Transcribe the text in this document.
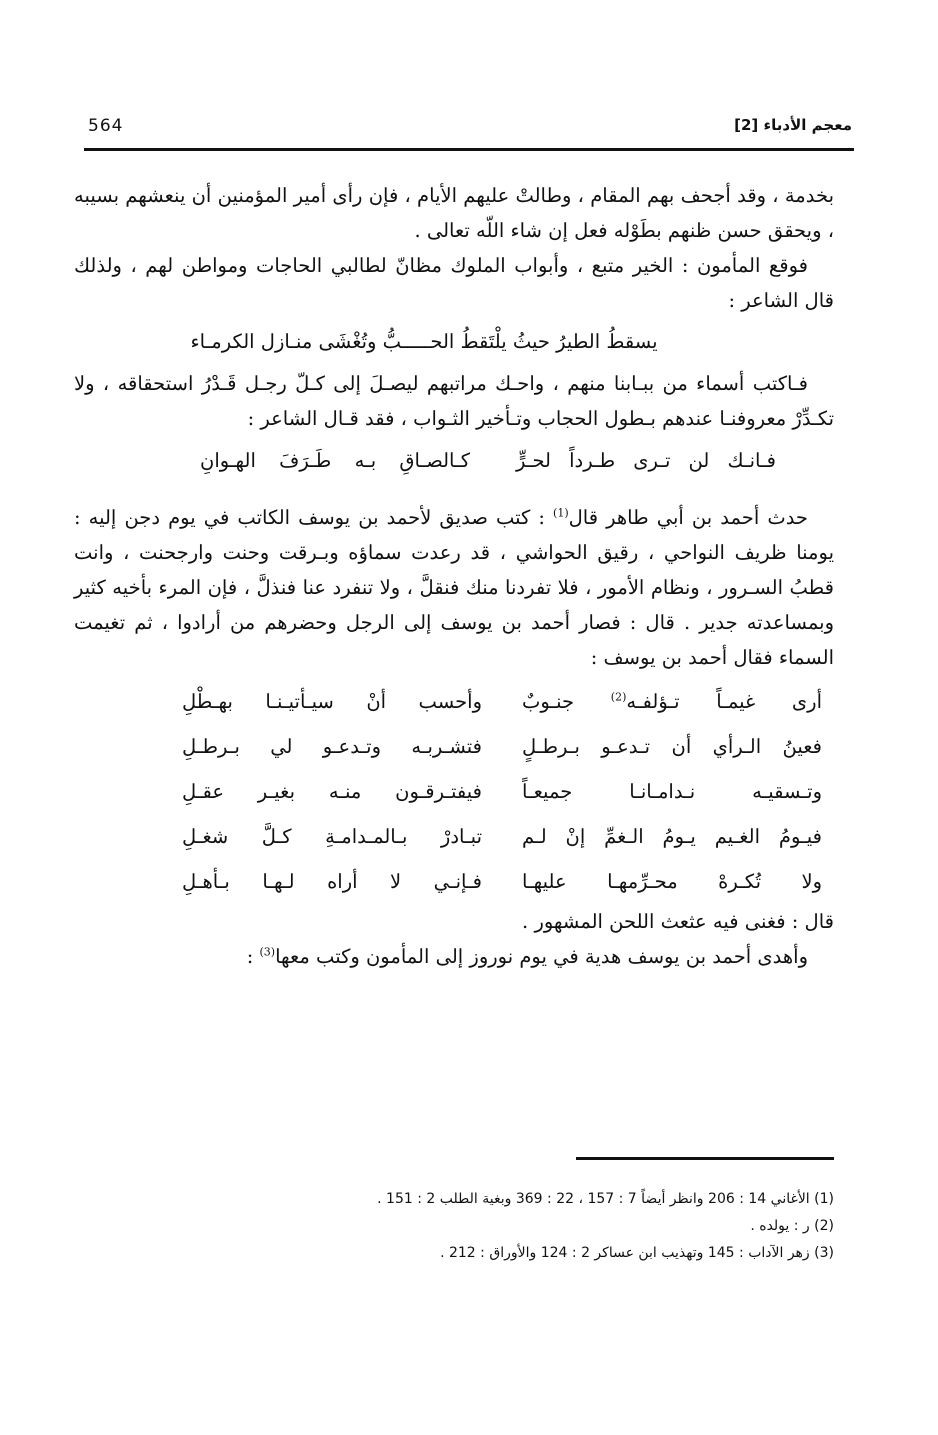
564	معجم الأدباء [2]

بخدمة ، وقد أجحف بهم المقام ، وطالتْ عليهم الأيام ، فإن رأى أمير المؤمنين أن ينعشهم بسيبه ، ويحقق حسن ظنهم بطَوْله فعل إن شاء اللّه تعالى .

فوقع المأمون : الخير متبع ، وأبواب الملوك مظانّ لطالبي الحاجات ومواطن لهم ، ولذلك قال الشاعر :

يسقطُ الطيرُ حيثُ يلْتَقطُ الحـــــبُّ وتُغْشَى منـازل الكرمـاء

فـاكتب أسماء من ببـابنا منهم ، واحـك مراتبهم ليصـلَ إلى كـلّ رجـل قَـدْرُ استحقاقه ، ولا تكـدِّرْ معروفنـا عندهم بـطول الحجاب وتـأخير الثـواب ، فقد قـال الشاعر :

فـانـك لن تـرى طـرداً لحـرٍّ
كـالصـاقِ بـه طَـرَفَ الهـوانِ

حدث أحمد بن أبي طاهر قال$^{(1)}$ : كتب صديق لأحمد بن يوسف الكاتب في يوم دجن إليه : يومنا ظريف النواحي ، رقيق الحواشي ، قد رعدت سماؤه وبـرقت وحنت وارجحنت ، وانت قطبُ السـرور ، ونظام الأمور ، فلا تفردنا منك فنقلَّ ، ولا تنفرد عنا فنذلَّ ، فإن المرء بأخيه كثير وبمساعدته جدير . قال : فصار أحمد بن يوسف إلى الرجل وحضرهم من أرادوا ، ثم تغيمت السماء فقال أحمد بن يوسف :

أرى غيمـاً تـؤلفـه$^{(2)}$ جنـوبٌ
وأحسب أنْ سيـأتيـنـا بهـطْلِ
فعينُ الـرأي أن تـدعـو بـرطـلٍ
فتشـربـه وتـدعـو لي بـرطـلِ
وتـسقيـه نـدامـانـا جميعـاً
فيفتـرقـون منـه بغيـر عقـلِ
فيـومُ الغـيم يـومُ الـغمِّ إنْ لـم
تبـادرْ بـالمـدامـةِ كـلَّ شغـلِ
ولا تُكـرهْ محـرِّمهـا عليهـا
فـإنـي لا أراه لـهـا بـأهـلِ

قال : فغنى فيه عثعث اللحن المشهور .

وأهدى أحمد بن يوسف هدية في يوم نوروز إلى المأمون وكتب معها$^{(3)}$ :

(1) الأغاني 14 : 206 وانظر أيضاً 7 : 157 ، 22 : 369 وبغية الطلب 2 : 151 .
(2) ر : يولده .
(3) زهر الآداب : 145 وتهذيب ابن عساكر 2 : 124 والأوراق : 212 .
